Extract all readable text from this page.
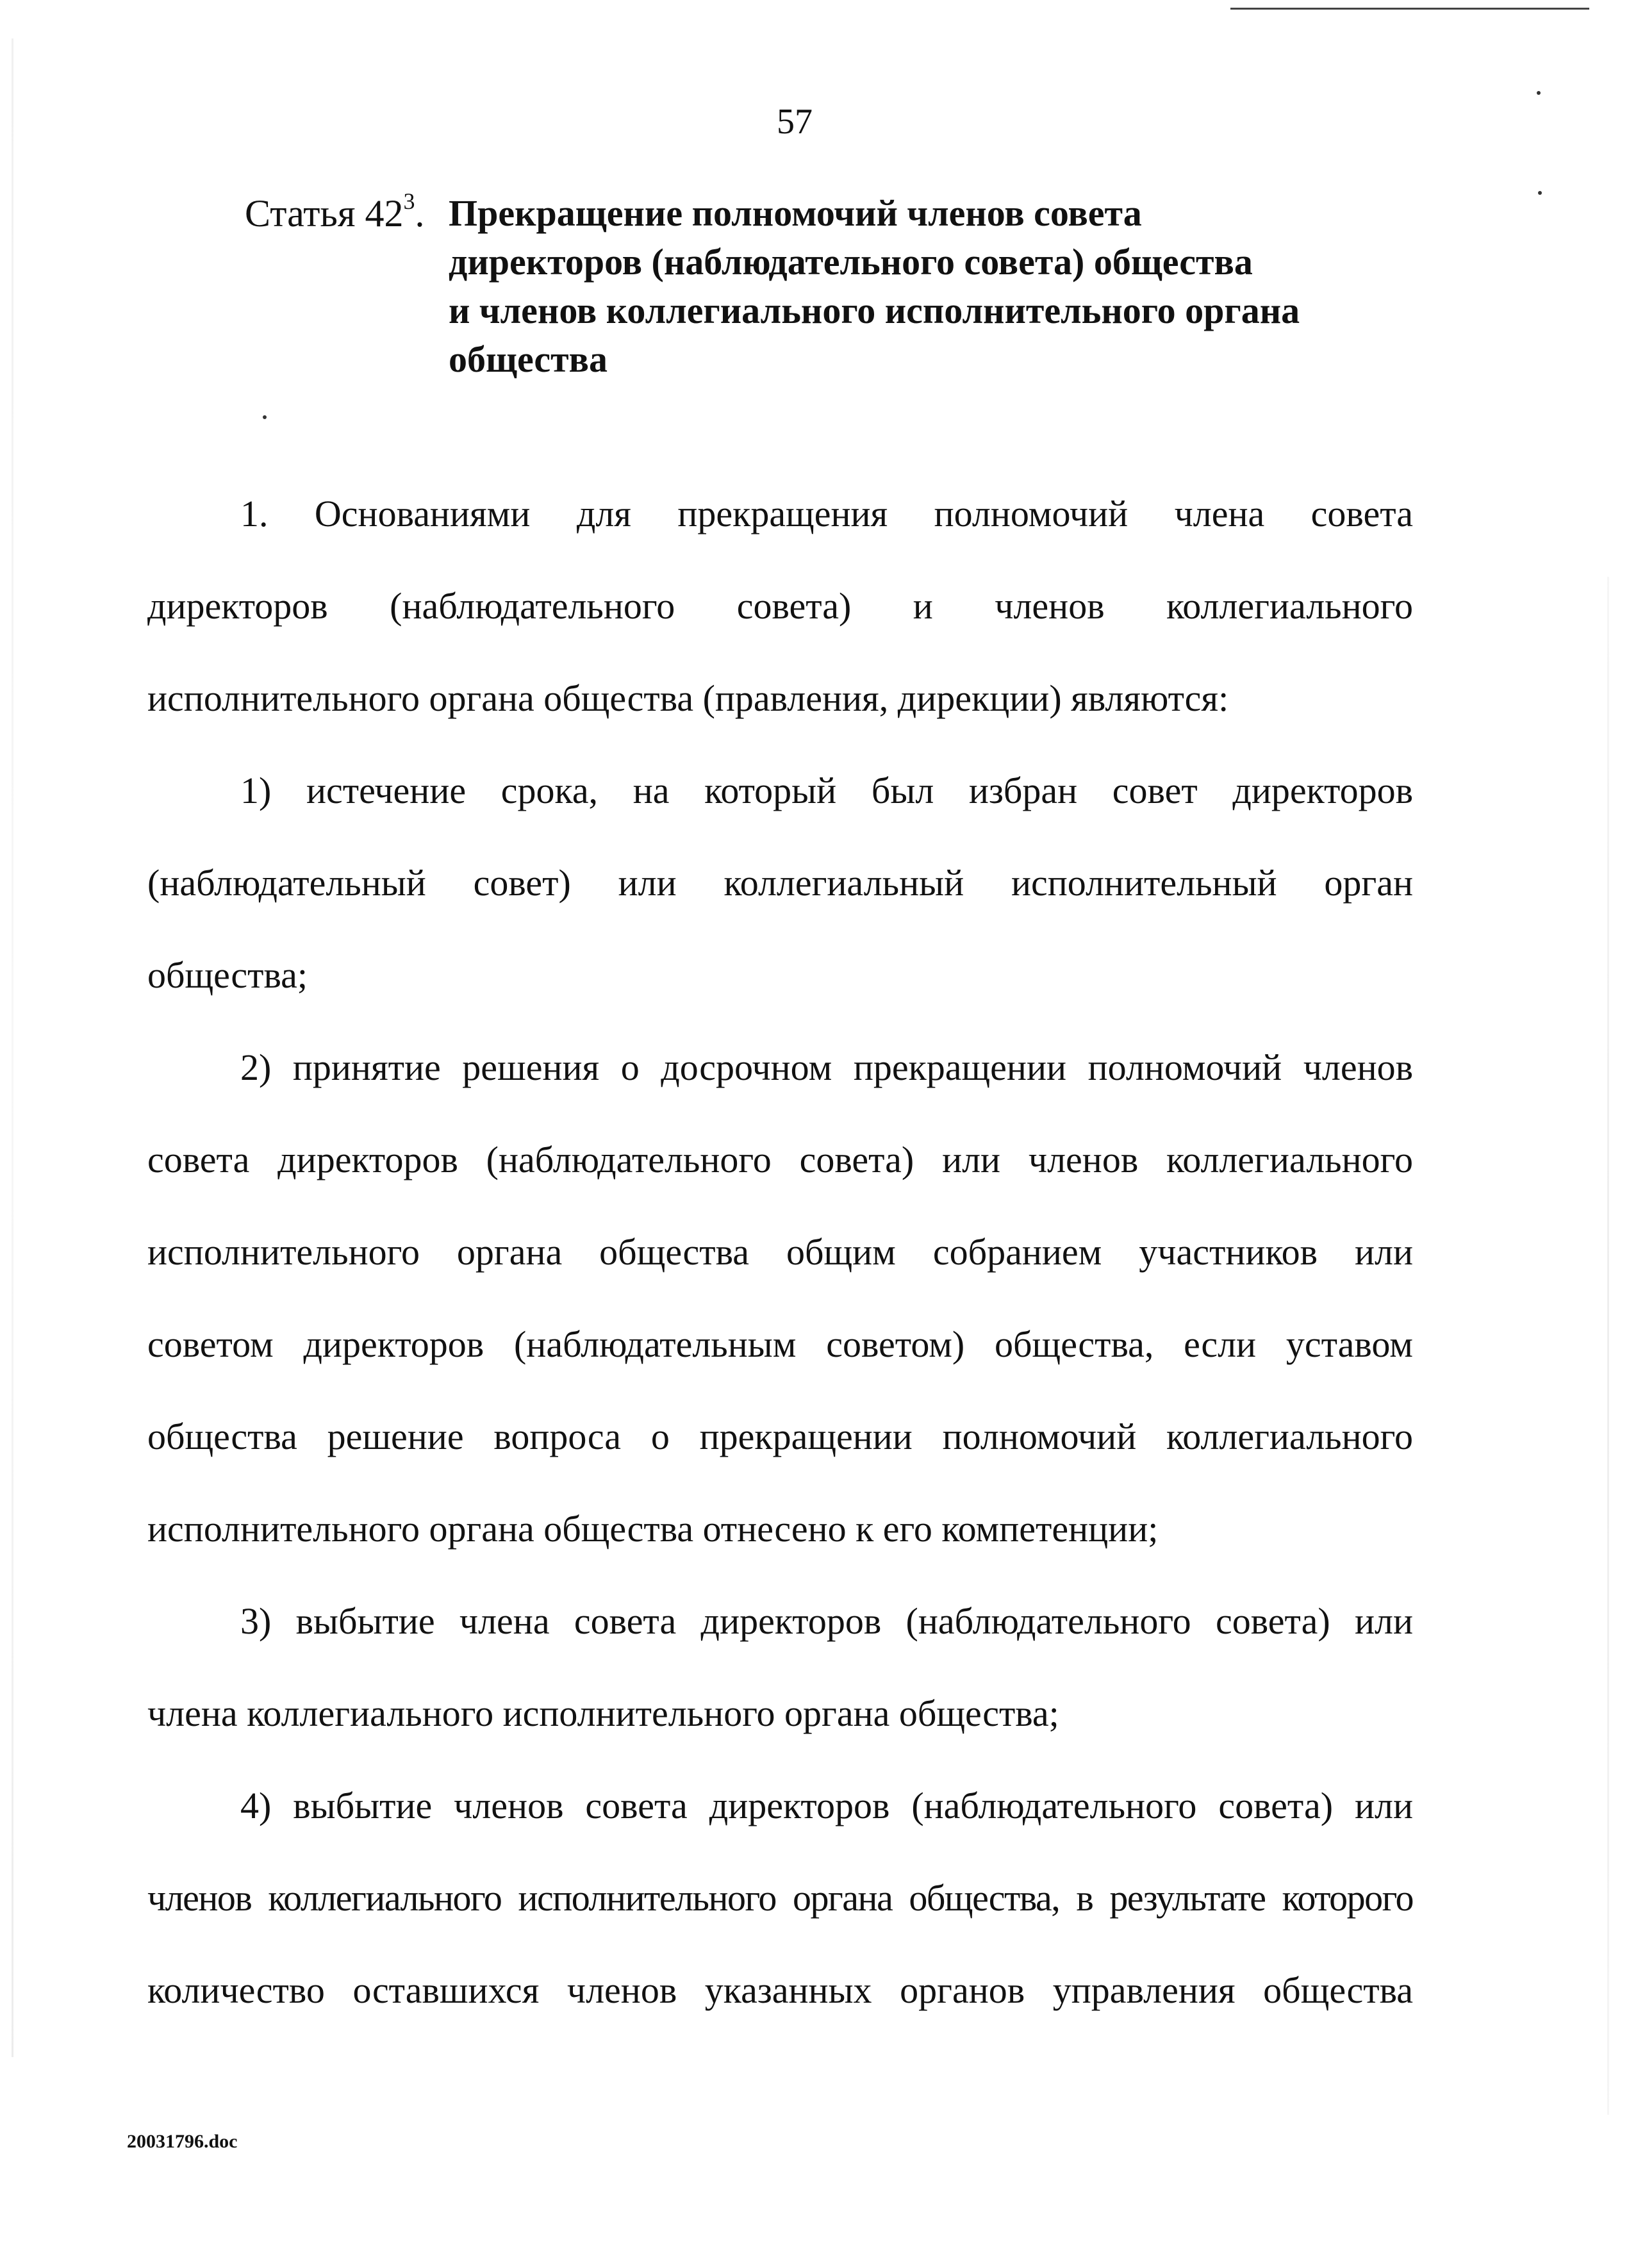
57
Статья $42^3$. Прекращение полномочий членов совета
директоров (наблюдательного совета) общества
и членов коллегиального исполнительного органа
общества
1. Основаниями для прекращения полномочий члена совета
директоров (наблюдательного совета) и членов коллегиального
исполнительного органа общества (правления, дирекции) являются:
1) истечение срока, на который был избран совет директоров
(наблюдательный совет) или коллегиальный исполнительный орган
общества;
2) принятие решения о досрочном прекращении полномочий членов
совета директоров (наблюдательного совета) или членов коллегиального
исполнительного органа общества общим собранием участников или
советом директоров (наблюдательным советом) общества, если уставом
общества решение вопроса о прекращении полномочий коллегиального
исполнительного органа общества отнесено к его компетенции;
3) выбытие члена совета директоров (наблюдательного совета) или
члена коллегиального исполнительного органа общества;
4) выбытие членов совета директоров (наблюдательного совета) или
членов коллегиального исполнительного органа общества, в результате которого
количество оставшихся членов указанных органов управления общества
20031796.doc
